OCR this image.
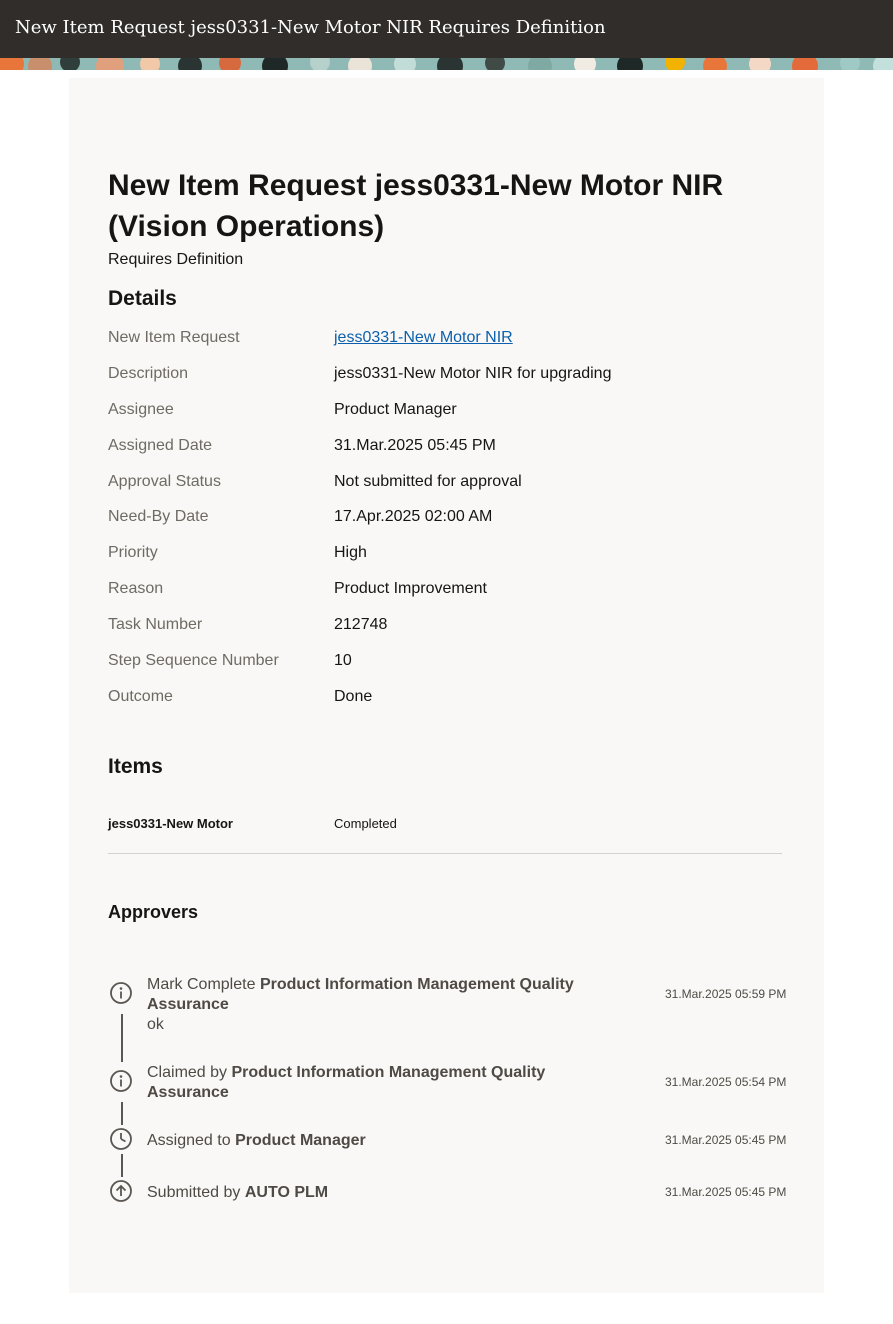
New Item Request jess0331-New Motor NIR Requires Definition
New Item Request jess0331-New Motor NIR (Vision Operations)
Requires Definition
Details
New Item Request	jess0331-New Motor NIR
Description	jess0331-New Motor NIR for upgrading
Assignee	Product Manager
Assigned Date	31.Mar.2025 05:45 PM
Approval Status	Not submitted for approval
Need-By Date	17.Apr.2025 02:00 AM
Priority	High
Reason	Product Improvement
Task Number	212748
Step Sequence Number	10
Outcome	Done
Items
jess0331-New Motor	Completed
Approvers
Mark Complete Product Information Management Quality Assurance
ok
31.Mar.2025 05:59 PM
Claimed by Product Information Management Quality Assurance
31.Mar.2025 05:54 PM
Assigned to Product Manager	31.Mar.2025 05:45 PM
Submitted by AUTO PLM	31.Mar.2025 05:45 PM
